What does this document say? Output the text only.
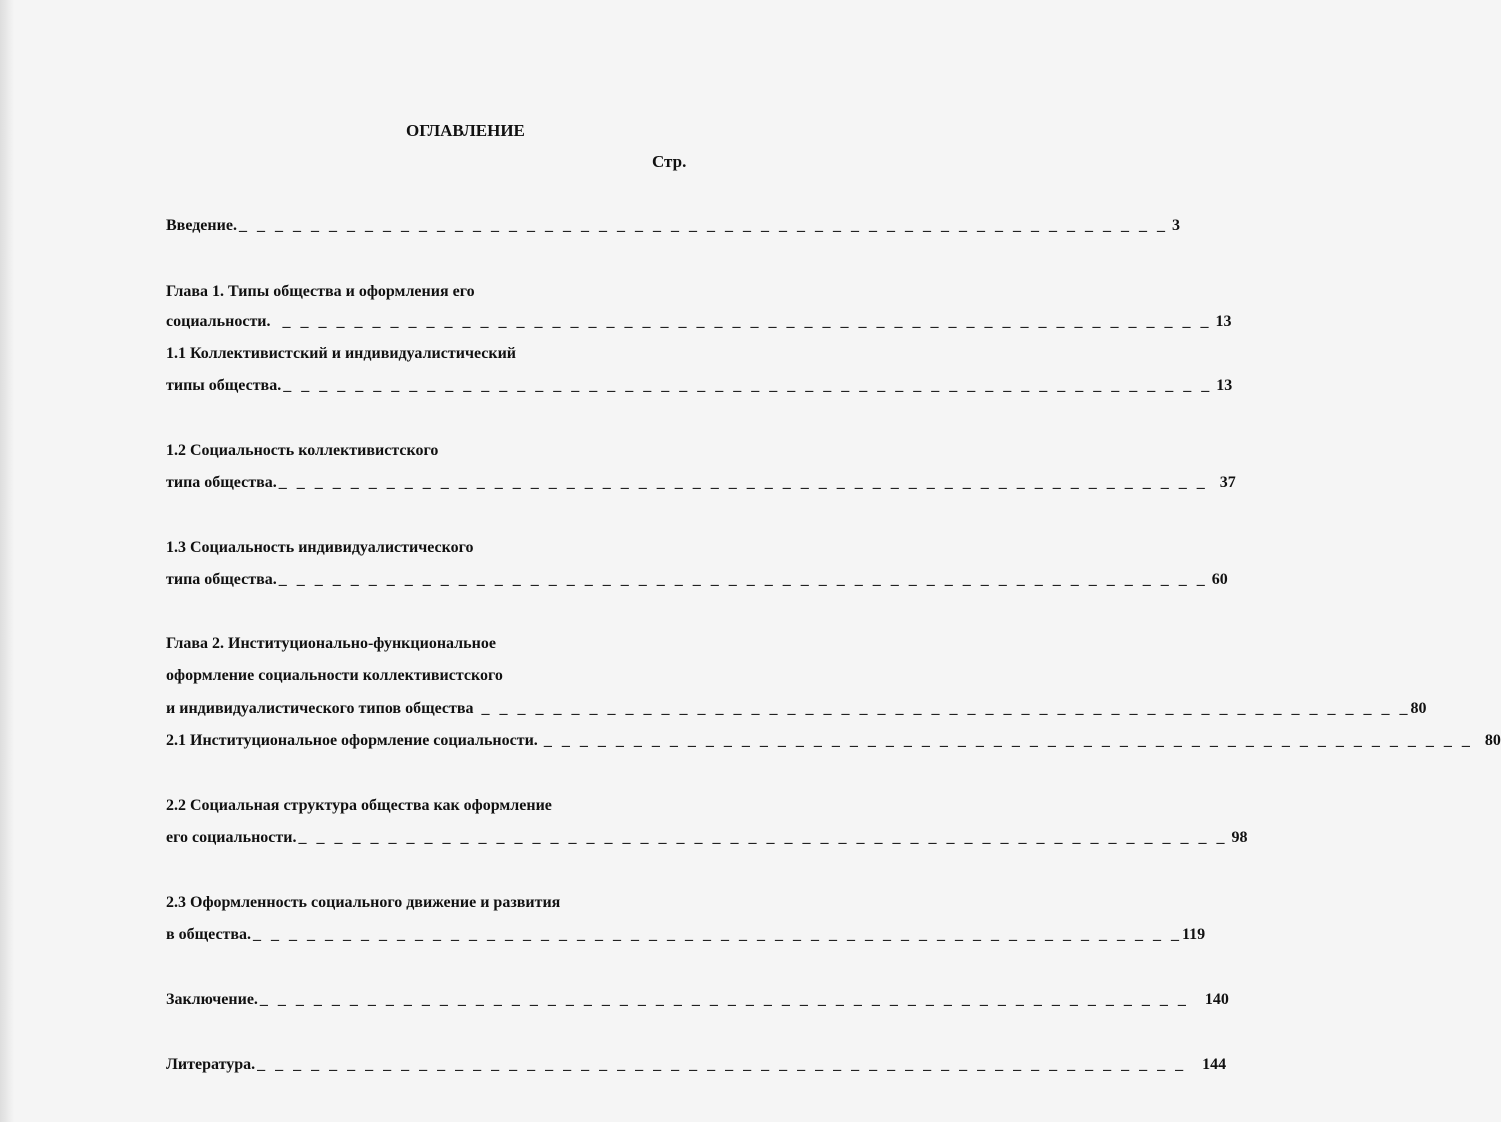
ОГЛАВЛЕНИЕ
Стр.
Введение. _ _ _ _ _ _ _ _ _ _ _ _ _ _ _ _ _ _ _ _ _ _ _ _ _ _ _ _ _ _ _ _ _ _ _ _ _ _ _ _ _ _ _ _ _ _ _ _ _ _ _ _ 3
Глава 1. Типы общества и оформления его
социальности. _ _ _ _ _ _ _ _ _ _ _ _ _ _ _ _ _ _ _ _ _ _ _ _ _ _ _ _ _ _ _ _ _ _ _ _ _ _ _ _ _ _ _ _ _ _ _ _ _ _ _ _ 13
1.1 Коллективистский и индивидуалистический
типы общества. _ _ _ _ _ _ _ _ _ _ _ _ _ _ _ _ _ _ _ _ _ _ _ _ _ _ _ _ _ _ _ _ _ _ _ _ _ _ _ _ _ _ _ _ _ _ _ _ _ _ _ _ 13
1.2 Социальность коллективистского
типа общества. _ _ _ _ _ _ _ _ _ _ _ _ _ _ _ _ _ _ _ _ _ _ _ _ _ _ _ _ _ _ _ _ _ _ _ _ _ _ _ _ _ _ _ _ _ _ _ _ _ _ _ _ 37
1.3 Социальность индивидуалистического
типа общества. _ _ _ _ _ _ _ _ _ _ _ _ _ _ _ _ _ _ _ _ _ _ _ _ _ _ _ _ _ _ _ _ _ _ _ _ _ _ _ _ _ _ _ _ _ _ _ _ _ _ _ _ 60
Глава 2. Институционально-функциональное
оформление социальности коллективистского
и индивидуалистического типов общества _ _ _ _ _ _ _ _ _ _ _ _ _ _ _ _ _ _ _ _ _ _ _ _ _ _ _ _ _ _ _ _ _ _ _ _ _ _ _ _ _ _ _ _ _ _ _ _ _ _ _ _ 80
2.1 Институциональное оформление социальности. _ _ _ _ _ _ _ _ _ _ _ _ _ _ _ _ _ _ _ _ _ _ _ _ _ _ _ _ _ _ _ _ _ _ _ _ _ _ _ _ _ _ _ _ _ _ _ _ _ _ _ _ 80
2.2 Социальная структура общества как оформление
его социальности. _ _ _ _ _ _ _ _ _ _ _ _ _ _ _ _ _ _ _ _ _ _ _ _ _ _ _ _ _ _ _ _ _ _ _ _ _ _ _ _ _ _ _ _ _ _ _ _ _ _ _ _ 98
2.3 Оформленность социального движение и развития
в общества. _ _ _ _ _ _ _ _ _ _ _ _ _ _ _ _ _ _ _ _ _ _ _ _ _ _ _ _ _ _ _ _ _ _ _ _ _ _ _ _ _ _ _ _ _ _ _ _ _ _ _ _ 119
Заключение. _ _ _ _ _ _ _ _ _ _ _ _ _ _ _ _ _ _ _ _ _ _ _ _ _ _ _ _ _ _ _ _ _ _ _ _ _ _ _ _ _ _ _ _ _ _ _ _ _ _ _ _ 140
Литература. _ _ _ _ _ _ _ _ _ _ _ _ _ _ _ _ _ _ _ _ _ _ _ _ _ _ _ _ _ _ _ _ _ _ _ _ _ _ _ _ _ _ _ _ _ _ _ _ _ _ _ _ 144
